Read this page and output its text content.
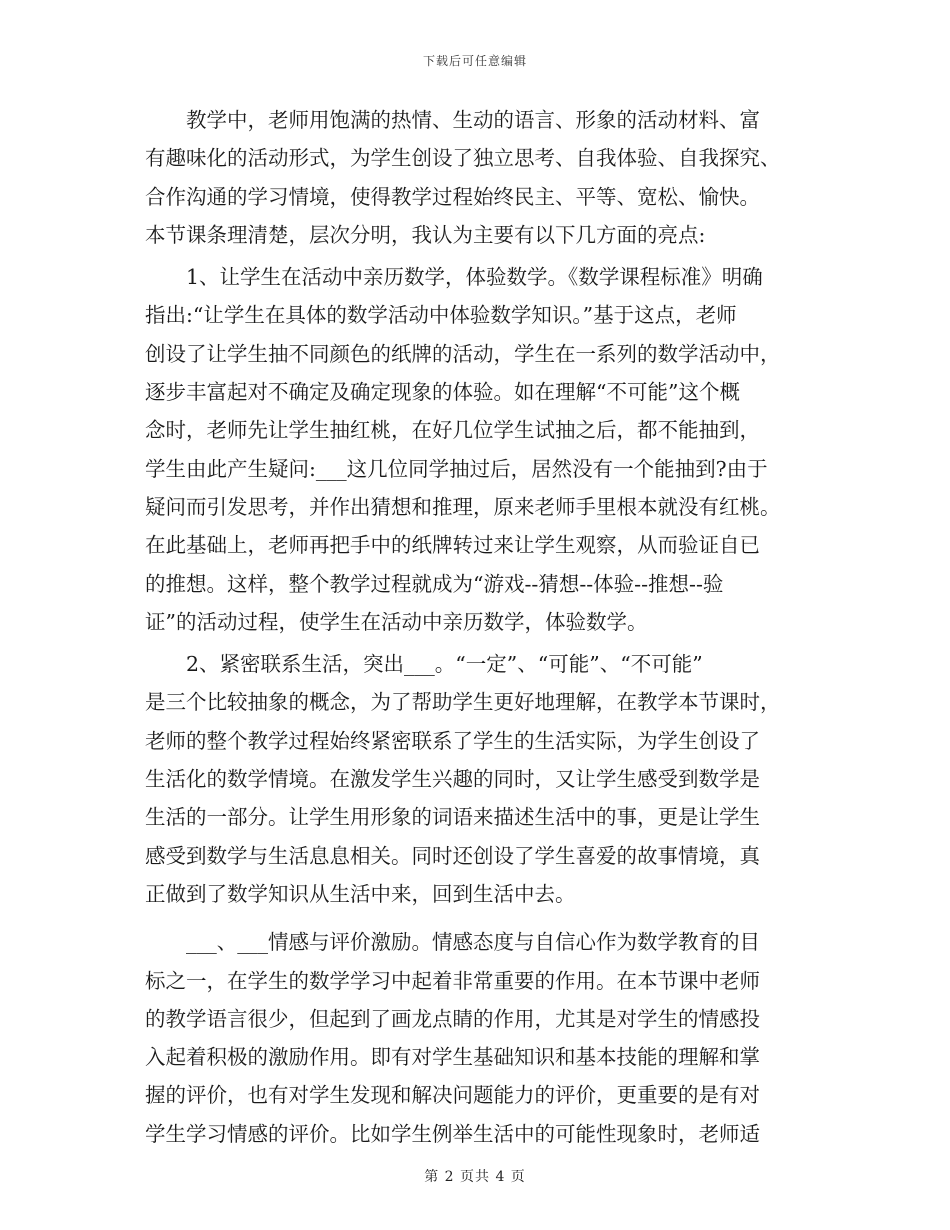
下载后可任意编辑
　　教学中，老师用饱满的热情、生动的语言、形象的活动材料、富
有趣味化的活动形式，为学生创设了独立思考、自我体验、自我探究、
合作沟通的学习情境，使得教学过程始终民主、平等、宽松、愉快。
本节课条理清楚，层次分明，我认为主要有以下几方面的亮点:
　　1、让学生在活动中亲历数学，体验数学。《数学课程标准》明确
指出:“让学生在具体的数学活动中体验数学知识。”基于这点，老师
创设了让学生抽不同颜色的纸牌的活动，学生在一系列的数学活动中，
逐步丰富起对不确定及确定现象的体验。如在理解“不可能”这个概
念时，老师先让学生抽红桃，在好几位学生试抽之后，都不能抽到，
学生由此产生疑问:___这几位同学抽过后，居然没有一个能抽到?由于
疑问而引发思考，并作出猜想和推理，原来老师手里根本就没有红桃。
在此基础上，老师再把手中的纸牌转过来让学生观察，从而验证自已
的推想。这样，整个教学过程就成为“游戏--猜想--体验--推想--验
证”的活动过程，使学生在活动中亲历数学，体验数学。
　　2、紧密联系生活，突出___。“一定”、“可能”、“不可能”
是三个比较抽象的概念，为了帮助学生更好地理解，在教学本节课时，
老师的整个教学过程始终紧密联系了学生的生活实际，为学生创设了
生活化的数学情境。在激发学生兴趣的同时，又让学生感受到数学是
生活的一部分。让学生用形象的词语来描述生活中的事，更是让学生
感受到数学与生活息息相关。同时还创设了学生喜爱的故事情境，真
正做到了数学知识从生活中来，回到生活中去。
　　___、___情感与评价激励。情感态度与自信心作为数学教育的目
标之一，在学生的数学学习中起着非常重要的作用。在本节课中老师
的教学语言很少，但起到了画龙点睛的作用，尤其是对学生的情感投
入起着积极的激励作用。即有对学生基础知识和基本技能的理解和掌
握的评价，也有对学生发现和解决问题能力的评价，更重要的是有对
学生学习情感的评价。比如学生例举生活中的可能性现象时，老师适
第 2 页共 4 页
